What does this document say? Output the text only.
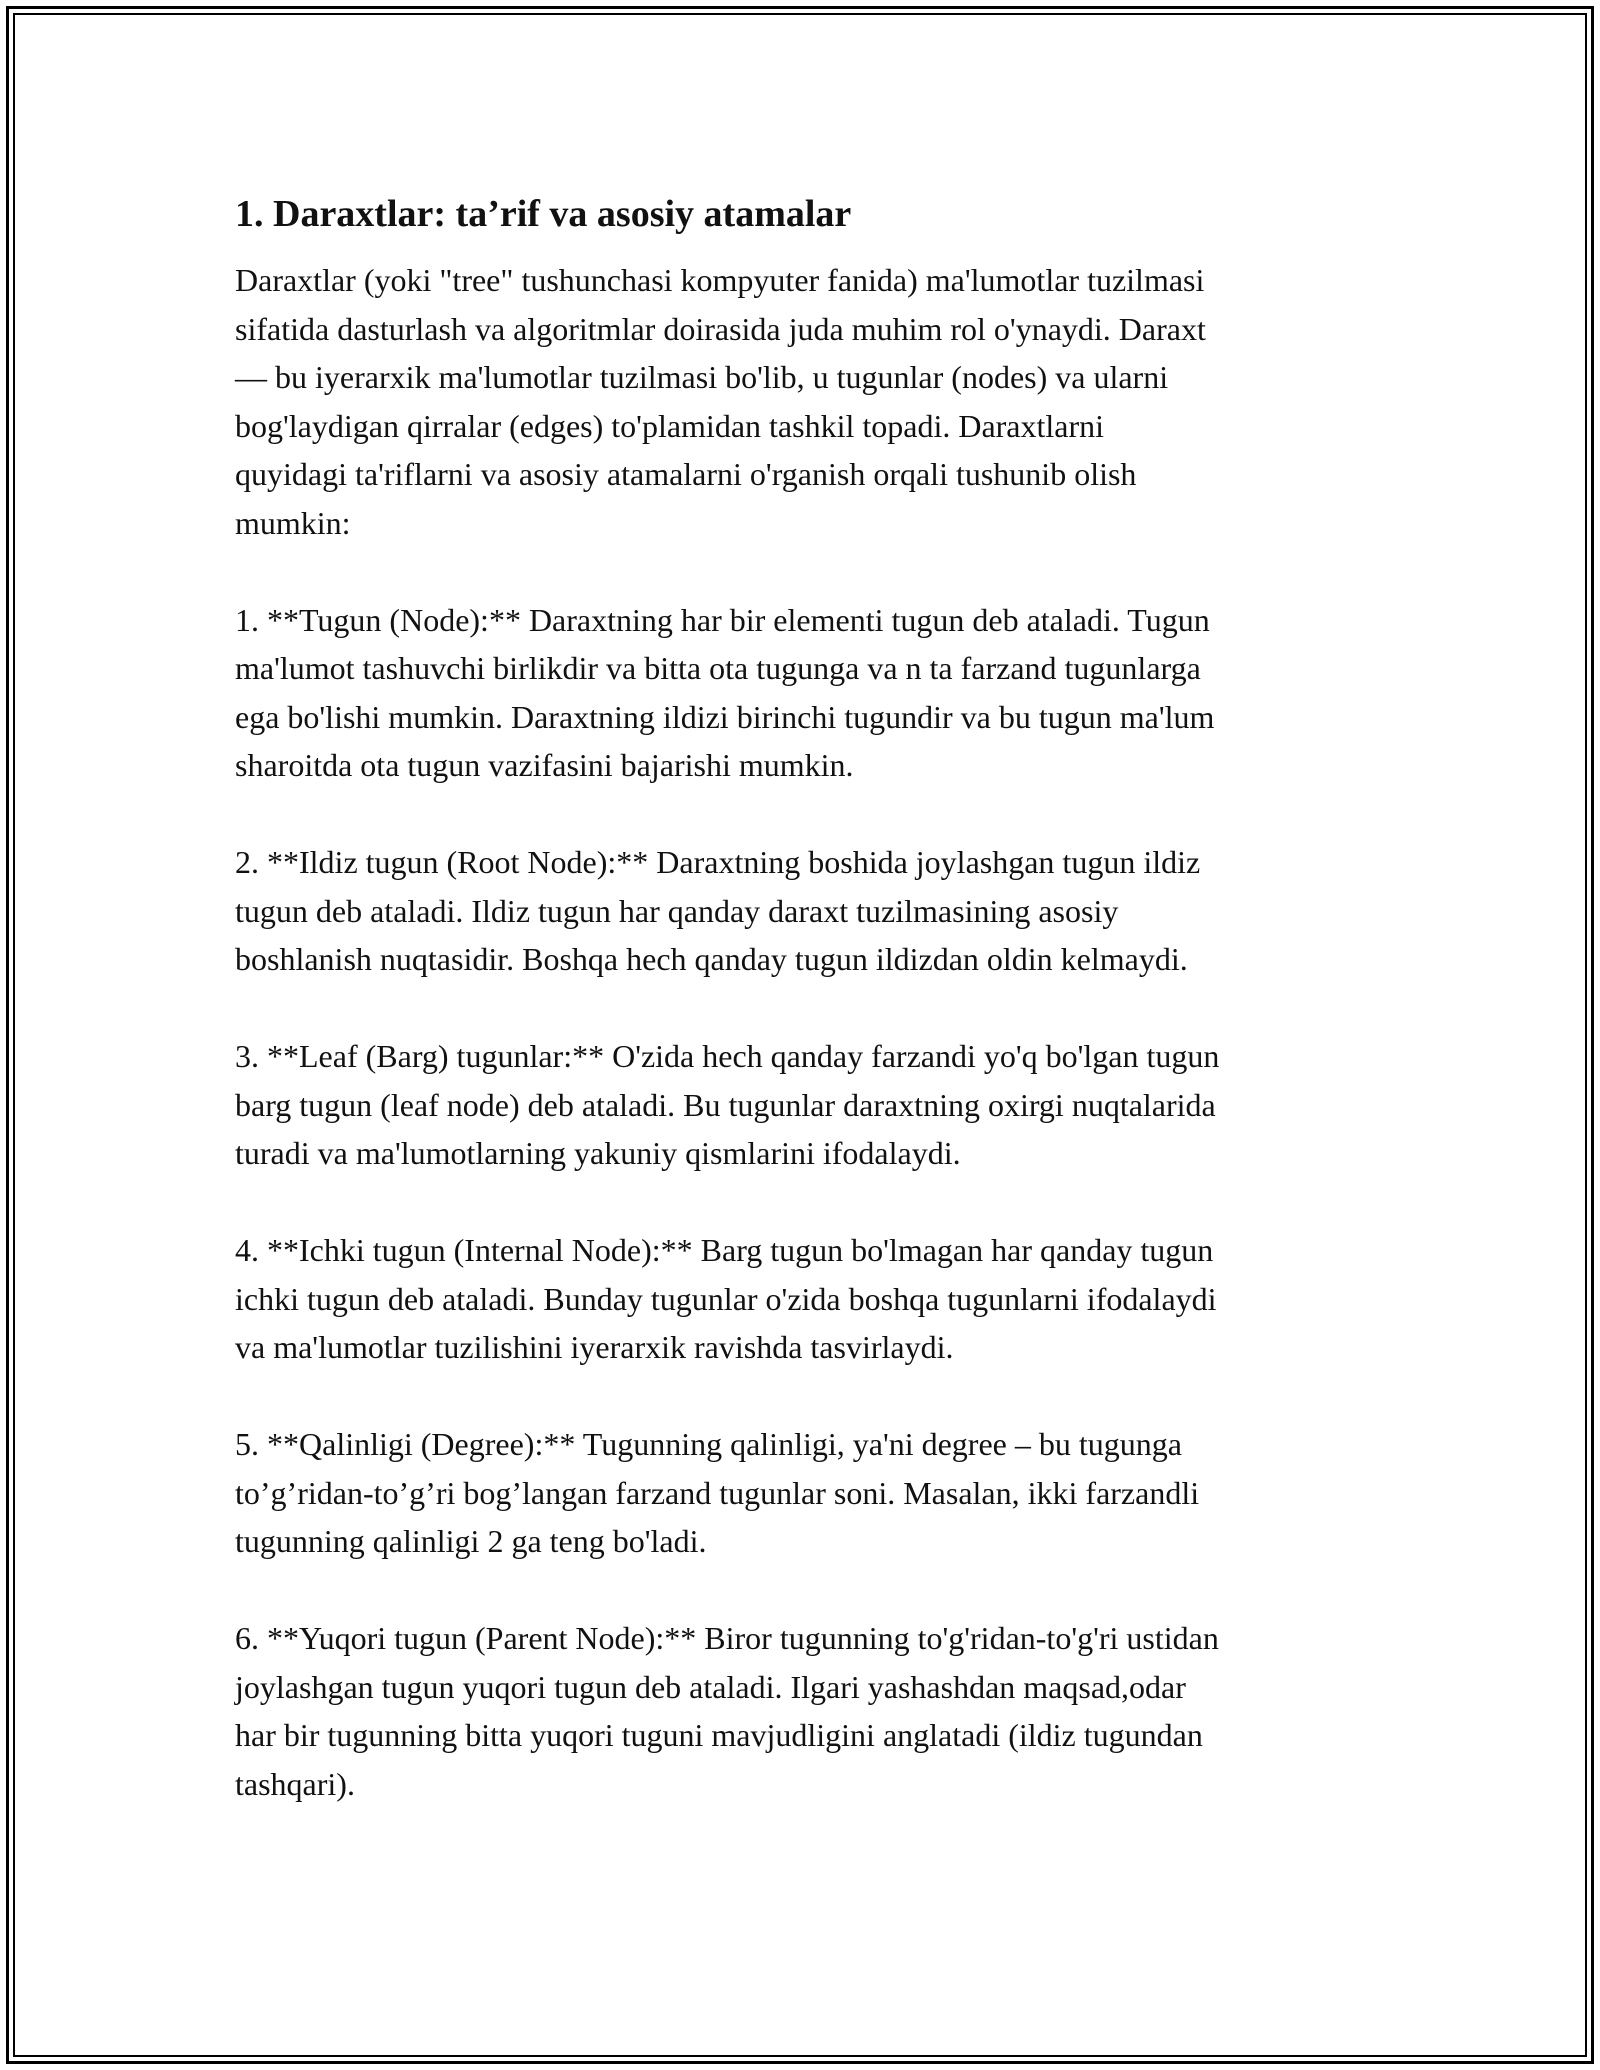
1. Daraxtlar: ta’rif va asosiy atamalar

Daraxtlar (yoki "tree" tushunchasi kompyuter fanida) ma'lumotlar tuzilmasi
sifatida dasturlash va algoritmlar doirasida juda muhim rol o'ynaydi. Daraxt
— bu iyerarxik ma'lumotlar tuzilmasi bo'lib, u tugunlar (nodes) va ularni
bog'laydigan qirralar (edges) to'plamidan tashkil topadi. Daraxtlarni
quyidagi ta'riflarni va asosiy atamalarni o'rganish orqali tushunib olish
mumkin:

1. **Tugun (Node):** Daraxtning har bir elementi tugun deb ataladi. Tugun
ma'lumot tashuvchi birlikdir va bitta ota tugunga va n ta farzand tugunlarga
ega bo'lishi mumkin. Daraxtning ildizi birinchi tugundir va bu tugun ma'lum
sharoitda ota tugun vazifasini bajarishi mumkin.

2. **Ildiz tugun (Root Node):** Daraxtning boshida joylashgan tugun ildiz
tugun deb ataladi. Ildiz tugun har qanday daraxt tuzilmasining asosiy
boshlanish nuqtasidir. Boshqa hech qanday tugun ildizdan oldin kelmaydi.

3. **Leaf (Barg) tugunlar:** O'zida hech qanday farzandi yo'q bo'lgan tugun
barg tugun (leaf node) deb ataladi. Bu tugunlar daraxtning oxirgi nuqtalarida
turadi va ma'lumotlarning yakuniy qismlarini ifodalaydi.

4. **Ichki tugun (Internal Node):** Barg tugun bo'lmagan har qanday tugun
ichki tugun deb ataladi. Bunday tugunlar o'zida boshqa tugunlarni ifodalaydi
va ma'lumotlar tuzilishini iyerarxik ravishda tasvirlaydi.

5. **Qalinligi (Degree):** Tugunning qalinligi, ya'ni degree – bu tugunga
to’g’ridan-to’g’ri bog’langan farzand tugunlar soni. Masalan, ikki farzandli
tugunning qalinligi 2 ga teng bo'ladi.

6. **Yuqori tugun (Parent Node):** Biror tugunning to'g'ridan-to'g'ri ustidan
joylashgan tugun yuqori tugun deb ataladi. Ilgari yashashdan maqsad,odar
har bir tugunning bitta yuqori tuguni mavjudligini anglatadi (ildiz tugundan
tashqari).
